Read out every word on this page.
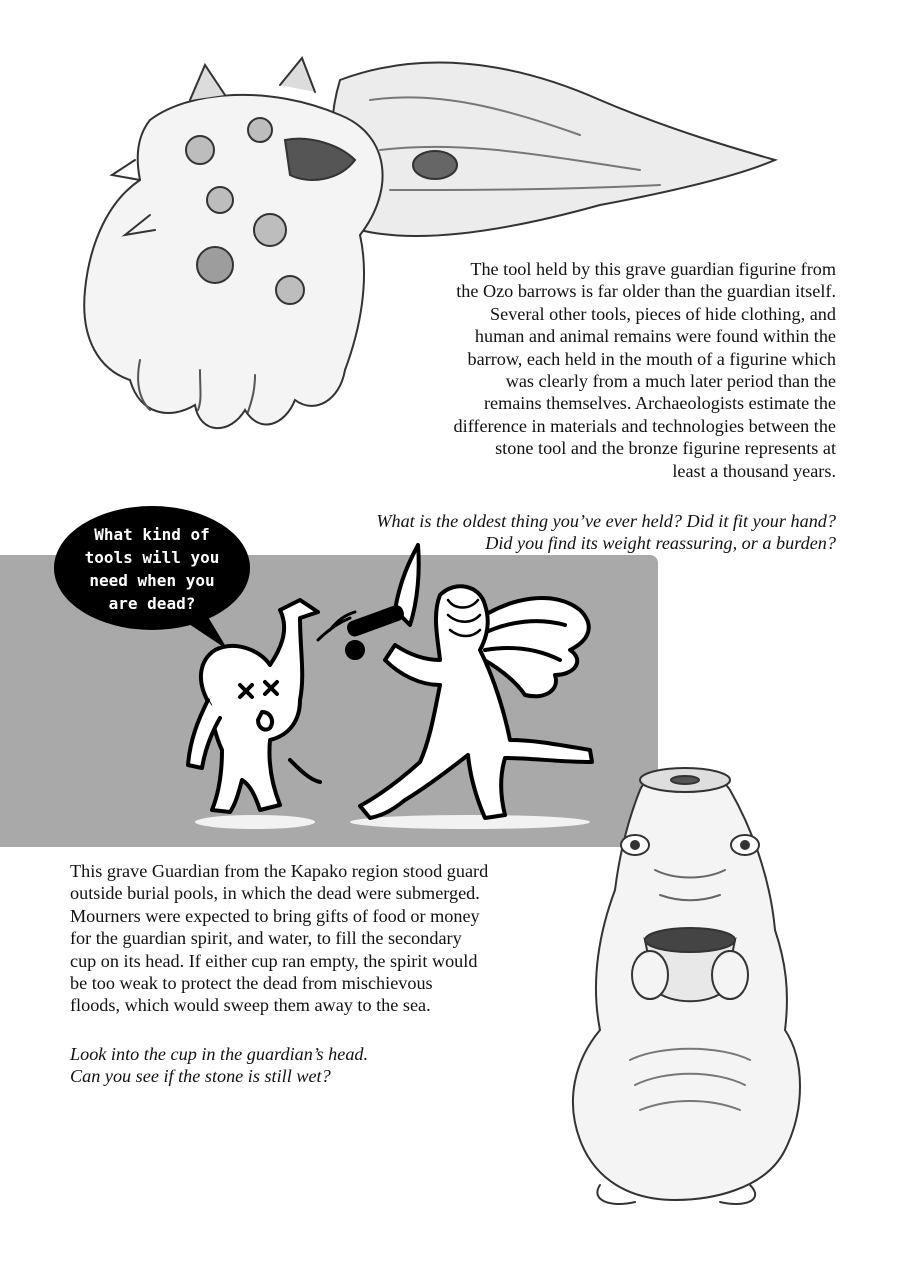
The tool held by this grave guardian figurine from
the Ozo barrows is far older than the guardian itself.
Several other tools, pieces of hide clothing, and
human and animal remains were found within the
barrow, each held in the mouth of a figurine which
was clearly from a much later period than the
remains themselves. Archaeologists estimate the
difference in materials and technologies between the
stone tool and the bronze figurine represents at
least a thousand years.
What is the oldest thing you’ve ever held? Did it fit your hand?
Did you find its weight reassuring, or a burden?
What kind of
tools will you
need when you
are dead?
This grave Guardian from the Kapako region stood guard
outside burial pools, in which the dead were submerged.
Mourners were expected to bring gifts of food or money
for the guardian spirit, and water, to fill the secondary
cup on its head. If either cup ran empty, the spirit would
be too weak to protect the dead from mischievous
floods, which would sweep them away to the sea.
Look into the cup in the guardian’s head.
Can you see if the stone is still wet?
